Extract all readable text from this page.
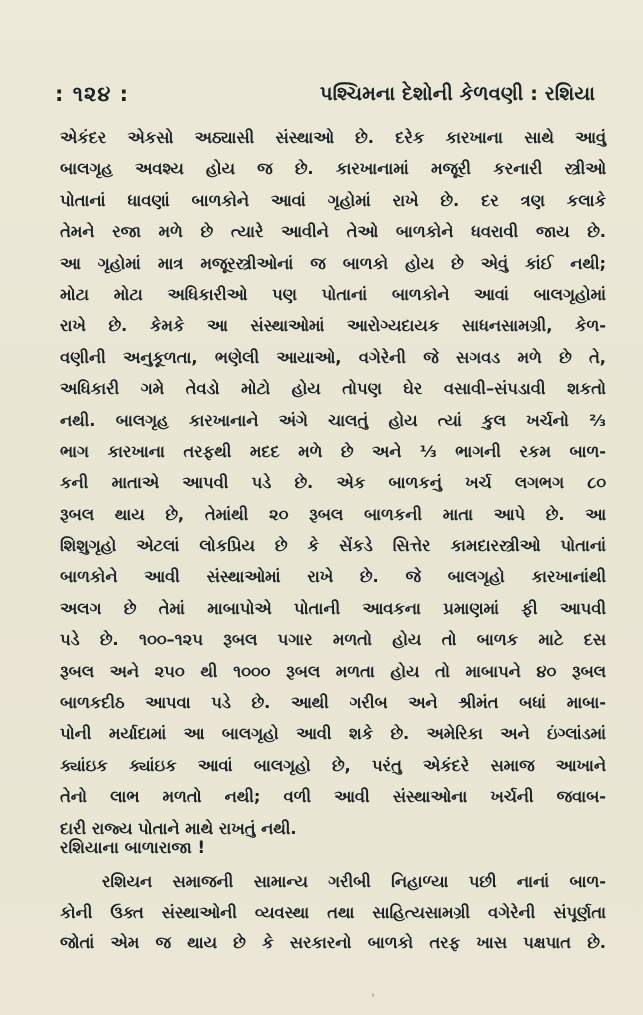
: ૧૨૪ :	પશ્ચિમના દેશોની કેળવણી : રશિયા
એકંદર એકસો અઠ્યાસી સંસ્થાઓ છે. દરેક કારખાના સાથે આવું
બાલગૃહ અવશ્ય હોય જ છે. કારખાનામાં મજૂરી કરનારી સ્ત્રીઓ
પોતાનાં ધાવણાં બાળકોને આવાં ગૃહોમાં રાખે છે. દર ત્રણ કલાકે
તેમને રજા મળે છે ત્યારે આવીને તેઓ બાળકોને ધવરાવી જાય છે.
આ ગૃહોમાં માત્ર મજૂરસ્ત્રીઓનાં જ બાળકો હોય છે એવું કાંઈ નથી;
મોટા મોટા અધિકારીઓ પણ પોતાનાં બાળકોને આવાં બાલગૃહોમાં
રાખે છે. કેમકે આ સંસ્થાઓમાં આરોગ્યદાયક સાધનસામગ્રી, કેળ-
વણીની અનુકૂળતા, ભણેલી આયાઓ, વગેરેની જે સગવડ મળે છે તે,
અધિકારી ગમે તેવડો મોટો હોય તોપણ ઘેર વસાવી–સંપડાવી શકતો
નથી. બાલગૃહ કારખાનાને અંગે ચાલતું હોય ત્યાં કુલ ખર્ચનો ⅔
ભાગ કારખાના તરફથી મદદ મળે છે અને ⅓ ભાગની રકમ બાળ-
કની માતાએ આપવી પડે છે. એક બાળકનું ખર્ચ લગભગ ૮૦
રૂબલ થાય છે, તેમાંથી ૨૦ રૂબલ બાળકની માતા આપે છે. આ
શિશુગૃહો એટલાં લોકપ્રિય છે કે સેંકડે સિત્તેર કામદારસ્ત્રીઓ પોતાનાં
બાળકોને આવી સંસ્થાઓમાં રાખે છે. જે બાલગૃહો કારખાનાંથી
અલગ છે તેમાં માબાપોએ પોતાની આવકના પ્રમાણમાં ફી આપવી
પડે છે. ૧૦૦–૧૨૫ રૂબલ પગાર મળતો હોય તો બાળક માટે દસ
રૂબલ અને ૨૫૦ થી ૧૦૦૦ રૂબલ મળતા હોય તો માબાપને ૪૦ રૂબલ
બાળકદીઠ આપવા પડે છે. આથી ગરીબ અને શ્રીમંત બધાં માબા-
પોની મર્યાદામાં આ બાલગૃહો આવી શકે છે. અમેરિકા અને ઇંગ્લાંડમાં
ક્યાંઇક ક્યાંઇક આવાં બાલગૃહો છે, પરંતુ એકંદરે સમાજ આખાને
તેનો લાભ મળતો નથી; વળી આવી સંસ્થાઓના ખર્ચની જવાબ-
દારી રાજ્ય પોતાને માથે રાખતું નથી.
રશિયાના બાળારાજા !
રશિયન સમાજની સામાન્ય ગરીબી નિહાળ્યા પછી નાનાં બાળ-
કોની ઉક્ત સંસ્થાઓની વ્યવસ્થા તથા સાહિત્યસામગ્રી વગેરેની સંપૂર્ણતા
જોતાં એમ જ થાય છે કે સરકારનો બાળકો તરફ ખાસ પક્ષપાત છે.
